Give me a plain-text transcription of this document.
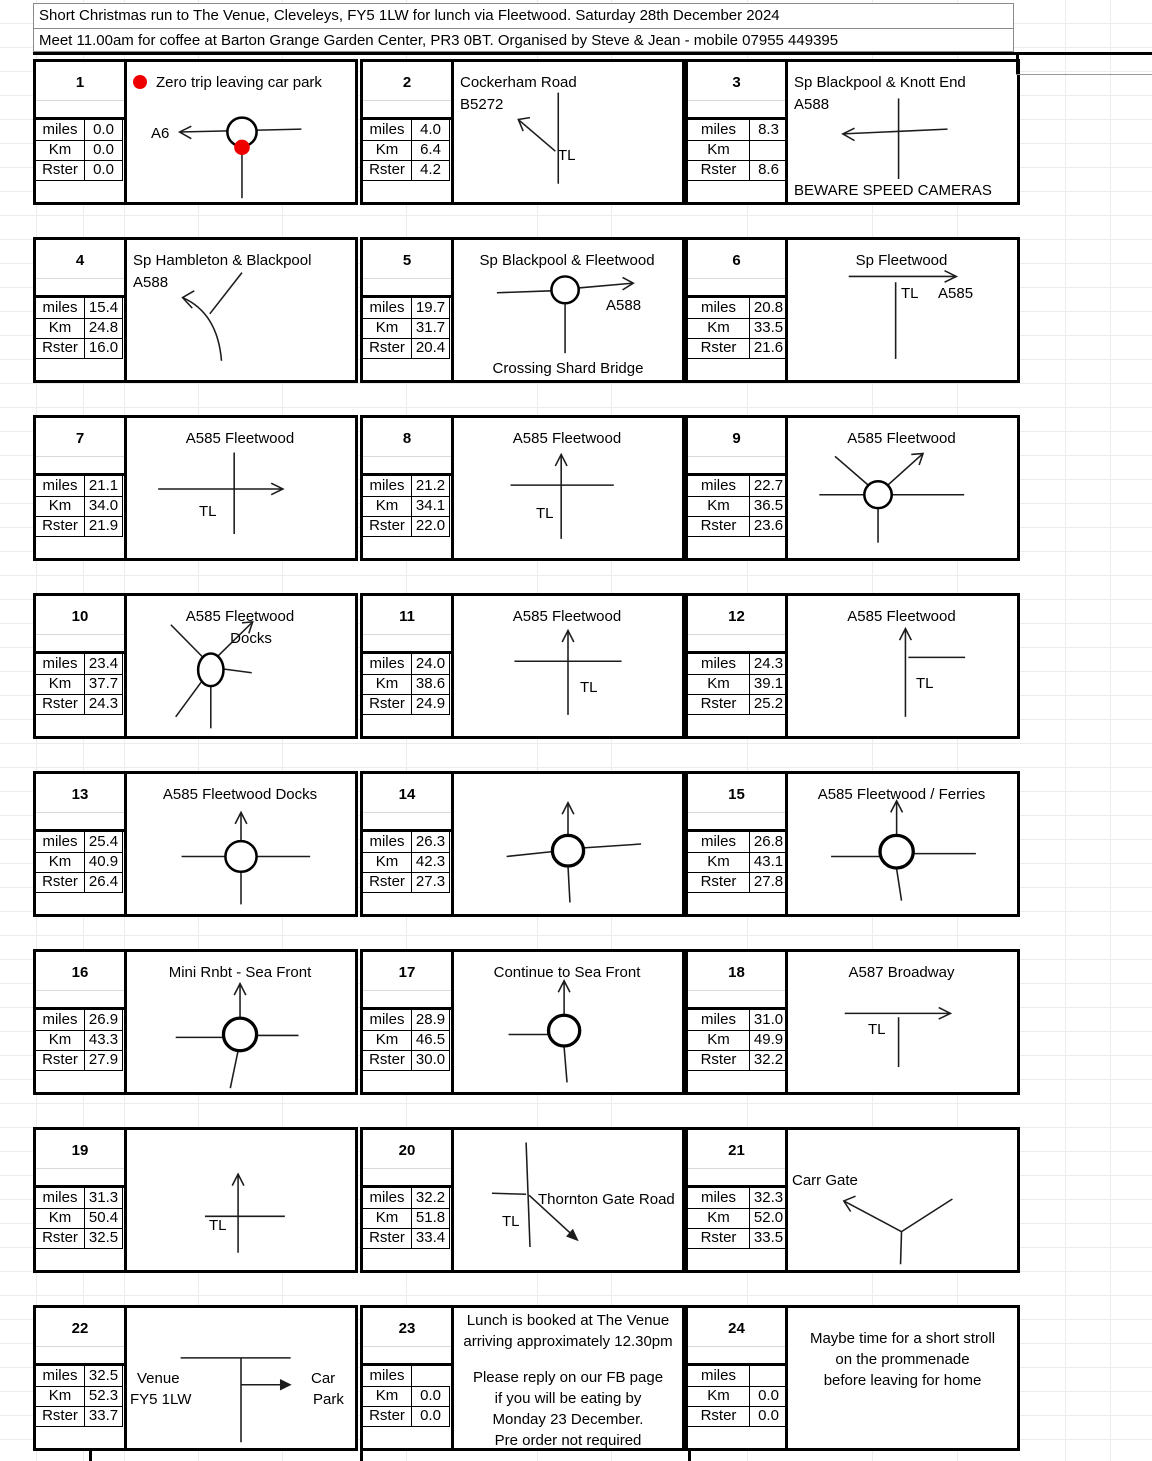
Short Christmas run to The Venue, Cleveleys, FY5 1LW for lunch via Fleetwood. Saturday 28th December 2024
Meet 11.00am for coffee at Barton Grange Garden Center, PR3 0BT. Organised by Steve & Jean - mobile 07955 449395
1
miles 0.0
Km 0.0
Rster 0.0
Zero trip leaving car park
A6
2
miles 4.0
Km 6.4
Rster 4.2
Cockerham Road
B5272
TL
3
miles 8.3
Km
Rster 8.6
Sp Blackpool & Knott End
A588
BEWARE SPEED CAMERAS
4
miles 15.4
Km 24.8
Rster 16.0
Sp Hambleton & Blackpool
A588
5
miles 19.7
Km 31.7
Rster 20.4
Sp Blackpool & Fleetwood
Crossing Shard Bridge
A588
6
miles 20.8
Km 33.5
Rster 21.6
Sp Fleetwood
TL A585
7
miles 21.1
Km 34.0
Rster 21.9
A585 Fleetwood
TL
8
miles 21.2
Km 34.1
Rster 22.0
A585 Fleetwood
TL
9
miles 22.7
Km 36.5
Rster 23.6
A585 Fleetwood
10
miles 23.4
Km 37.7
Rster 24.3
A585 Fleetwood
Docks
11
miles 24.0
Km 38.6
Rster 24.9
A585 Fleetwood
TL
12
miles 24.3
Km 39.1
Rster 25.2
A585 Fleetwood
TL
13
miles 25.4
Km 40.9
Rster 26.4
A585 Fleetwood Docks	14
miles 26.3
Km 42.3
Rster 27.3
15
miles 26.8
Km 43.1
Rster 27.8
A585 Fleetwood / Ferries
16
miles 26.9
Km 43.3
Rster 27.9
Mini Rnbt - Sea Front	17
miles 28.9
Km 46.5
Rster 30.0
Continue to Sea Front	18
miles 31.0
Km 49.9
Rster 32.2
A587 Broadway
TL
19
miles 31.3
Km 50.4
Rster 32.5
TL
20
miles 32.2
Km 51.8
Rster 33.4
Thornton Gate Road
TL
21
miles 32.3
Km 52.0
Rster 33.5
Carr Gate
22
miles 32.5
Km 52.3
Rster 33.7
Venue
FY5 1LW
Car
Park
23
miles
Km 0.0
Rster 0.0
Lunch is booked at The Venue
arriving approximately 12.30pm
Please reply on our FB page
if you will be eating by
Monday 23 December.
Pre order not required
24
miles
Km 0.0
Rster 0.0
Maybe time for a short stroll
on the prommenade
before leaving for home
